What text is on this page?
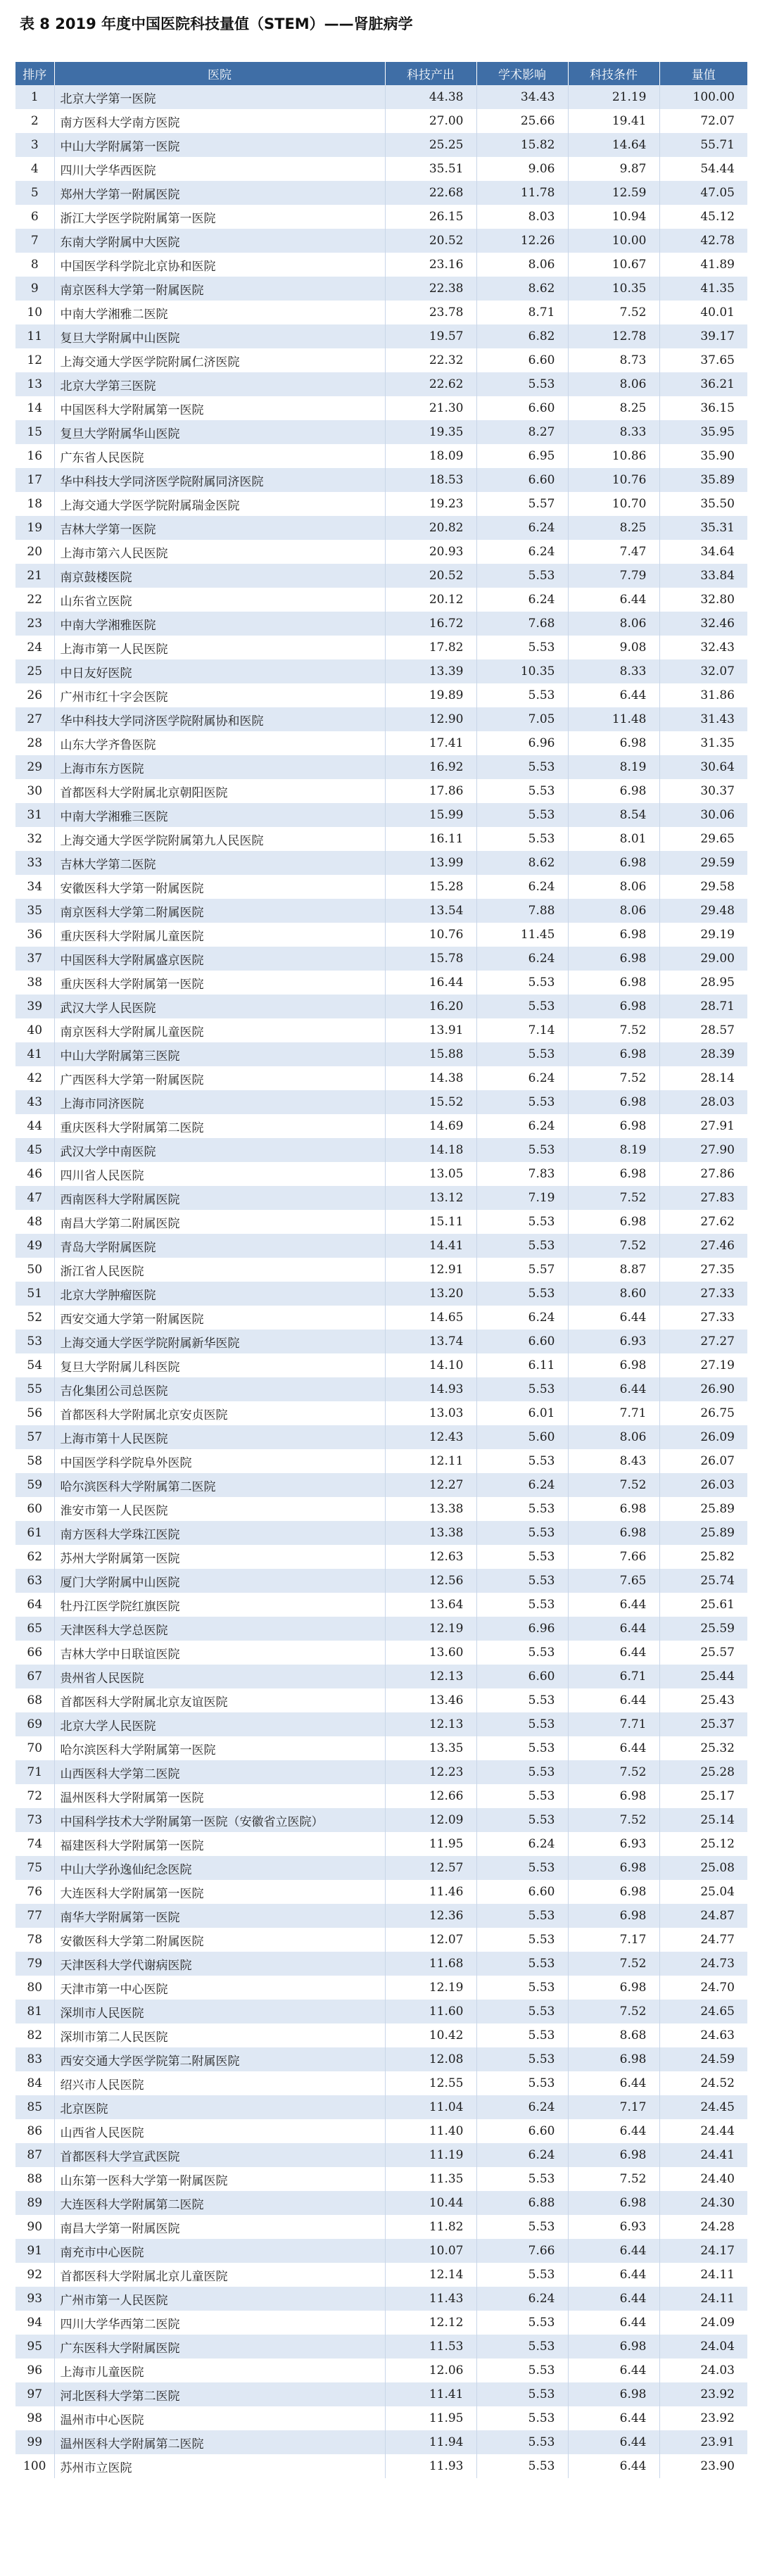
表 8 2019 年度中国医院科技量值（STEM）——肾脏病学
排序	医院	科技产出	学术影响	科技条件	量值
1	北京大学第一医院	44.38	34.43	21.19	100.00
2	南方医科大学南方医院	27.00	25.66	19.41	72.07
3	中山大学附属第一医院	25.25	15.82	14.64	55.71
4	四川大学华西医院	35.51	9.06	9.87	54.44
5	郑州大学第一附属医院	22.68	11.78	12.59	47.05
6	浙江大学医学院附属第一医院	26.15	8.03	10.94	45.12
7	东南大学附属中大医院	20.52	12.26	10.00	42.78
8	中国医学科学院北京协和医院	23.16	8.06	10.67	41.89
9	南京医科大学第一附属医院	22.38	8.62	10.35	41.35
10	中南大学湘雅二医院	23.78	8.71	7.52	40.01
11	复旦大学附属中山医院	19.57	6.82	12.78	39.17
12	上海交通大学医学院附属仁济医院	22.32	6.60	8.73	37.65
13	北京大学第三医院	22.62	5.53	8.06	36.21
14	中国医科大学附属第一医院	21.30	6.60	8.25	36.15
15	复旦大学附属华山医院	19.35	8.27	8.33	35.95
16	广东省人民医院	18.09	6.95	10.86	35.90
17	华中科技大学同济医学院附属同济医院	18.53	6.60	10.76	35.89
18	上海交通大学医学院附属瑞金医院	19.23	5.57	10.70	35.50
19	吉林大学第一医院	20.82	6.24	8.25	35.31
20	上海市第六人民医院	20.93	6.24	7.47	34.64
21	南京鼓楼医院	20.52	5.53	7.79	33.84
22	山东省立医院	20.12	6.24	6.44	32.80
23	中南大学湘雅医院	16.72	7.68	8.06	32.46
24	上海市第一人民医院	17.82	5.53	9.08	32.43
25	中日友好医院	13.39	10.35	8.33	32.07
26	广州市红十字会医院	19.89	5.53	6.44	31.86
27	华中科技大学同济医学院附属协和医院	12.90	7.05	11.48	31.43
28	山东大学齐鲁医院	17.41	6.96	6.98	31.35
29	上海市东方医院	16.92	5.53	8.19	30.64
30	首都医科大学附属北京朝阳医院	17.86	5.53	6.98	30.37
31	中南大学湘雅三医院	15.99	5.53	8.54	30.06
32	上海交通大学医学院附属第九人民医院	16.11	5.53	8.01	29.65
33	吉林大学第二医院	13.99	8.62	6.98	29.59
34	安徽医科大学第一附属医院	15.28	6.24	8.06	29.58
35	南京医科大学第二附属医院	13.54	7.88	8.06	29.48
36	重庆医科大学附属儿童医院	10.76	11.45	6.98	29.19
37	中国医科大学附属盛京医院	15.78	6.24	6.98	29.00
38	重庆医科大学附属第一医院	16.44	5.53	6.98	28.95
39	武汉大学人民医院	16.20	5.53	6.98	28.71
40	南京医科大学附属儿童医院	13.91	7.14	7.52	28.57
41	中山大学附属第三医院	15.88	5.53	6.98	28.39
42	广西医科大学第一附属医院	14.38	6.24	7.52	28.14
43	上海市同济医院	15.52	5.53	6.98	28.03
44	重庆医科大学附属第二医院	14.69	6.24	6.98	27.91
45	武汉大学中南医院	14.18	5.53	8.19	27.90
46	四川省人民医院	13.05	7.83	6.98	27.86
47	西南医科大学附属医院	13.12	7.19	7.52	27.83
48	南昌大学第二附属医院	15.11	5.53	6.98	27.62
49	青岛大学附属医院	14.41	5.53	7.52	27.46
50	浙江省人民医院	12.91	5.57	8.87	27.35
51	北京大学肿瘤医院	13.20	5.53	8.60	27.33
52	西安交通大学第一附属医院	14.65	6.24	6.44	27.33
53	上海交通大学医学院附属新华医院	13.74	6.60	6.93	27.27
54	复旦大学附属儿科医院	14.10	6.11	6.98	27.19
55	吉化集团公司总医院	14.93	5.53	6.44	26.90
56	首都医科大学附属北京安贞医院	13.03	6.01	7.71	26.75
57	上海市第十人民医院	12.43	5.60	8.06	26.09
58	中国医学科学院阜外医院	12.11	5.53	8.43	26.07
59	哈尔滨医科大学附属第二医院	12.27	6.24	7.52	26.03
60	淮安市第一人民医院	13.38	5.53	6.98	25.89
61	南方医科大学珠江医院	13.38	5.53	6.98	25.89
62	苏州大学附属第一医院	12.63	5.53	7.66	25.82
63	厦门大学附属中山医院	12.56	5.53	7.65	25.74
64	牡丹江医学院红旗医院	13.64	5.53	6.44	25.61
65	天津医科大学总医院	12.19	6.96	6.44	25.59
66	吉林大学中日联谊医院	13.60	5.53	6.44	25.57
67	贵州省人民医院	12.13	6.60	6.71	25.44
68	首都医科大学附属北京友谊医院	13.46	5.53	6.44	25.43
69	北京大学人民医院	12.13	5.53	7.71	25.37
70	哈尔滨医科大学附属第一医院	13.35	5.53	6.44	25.32
71	山西医科大学第二医院	12.23	5.53	7.52	25.28
72	温州医科大学附属第一医院	12.66	5.53	6.98	25.17
73	中国科学技术大学附属第一医院（安徽省立医院）	12.09	5.53	7.52	25.14
74	福建医科大学附属第一医院	11.95	6.24	6.93	25.12
75	中山大学孙逸仙纪念医院	12.57	5.53	6.98	25.08
76	大连医科大学附属第一医院	11.46	6.60	6.98	25.04
77	南华大学附属第一医院	12.36	5.53	6.98	24.87
78	安徽医科大学第二附属医院	12.07	5.53	7.17	24.77
79	天津医科大学代谢病医院	11.68	5.53	7.52	24.73
80	天津市第一中心医院	12.19	5.53	6.98	24.70
81	深圳市人民医院	11.60	5.53	7.52	24.65
82	深圳市第二人民医院	10.42	5.53	8.68	24.63
83	西安交通大学医学院第二附属医院	12.08	5.53	6.98	24.59
84	绍兴市人民医院	12.55	5.53	6.44	24.52
85	北京医院	11.04	6.24	7.17	24.45
86	山西省人民医院	11.40	6.60	6.44	24.44
87	首都医科大学宣武医院	11.19	6.24	6.98	24.41
88	山东第一医科大学第一附属医院	11.35	5.53	7.52	24.40
89	大连医科大学附属第二医院	10.44	6.88	6.98	24.30
90	南昌大学第一附属医院	11.82	5.53	6.93	24.28
91	南充市中心医院	10.07	7.66	6.44	24.17
92	首都医科大学附属北京儿童医院	12.14	5.53	6.44	24.11
93	广州市第一人民医院	11.43	6.24	6.44	24.11
94	四川大学华西第二医院	12.12	5.53	6.44	24.09
95	广东医科大学附属医院	11.53	5.53	6.98	24.04
96	上海市儿童医院	12.06	5.53	6.44	24.03
97	河北医科大学第二医院	11.41	5.53	6.98	23.92
98	温州市中心医院	11.95	5.53	6.44	23.92
99	温州医科大学附属第二医院	11.94	5.53	6.44	23.91
100	苏州市立医院	11.93	5.53	6.44	23.90
